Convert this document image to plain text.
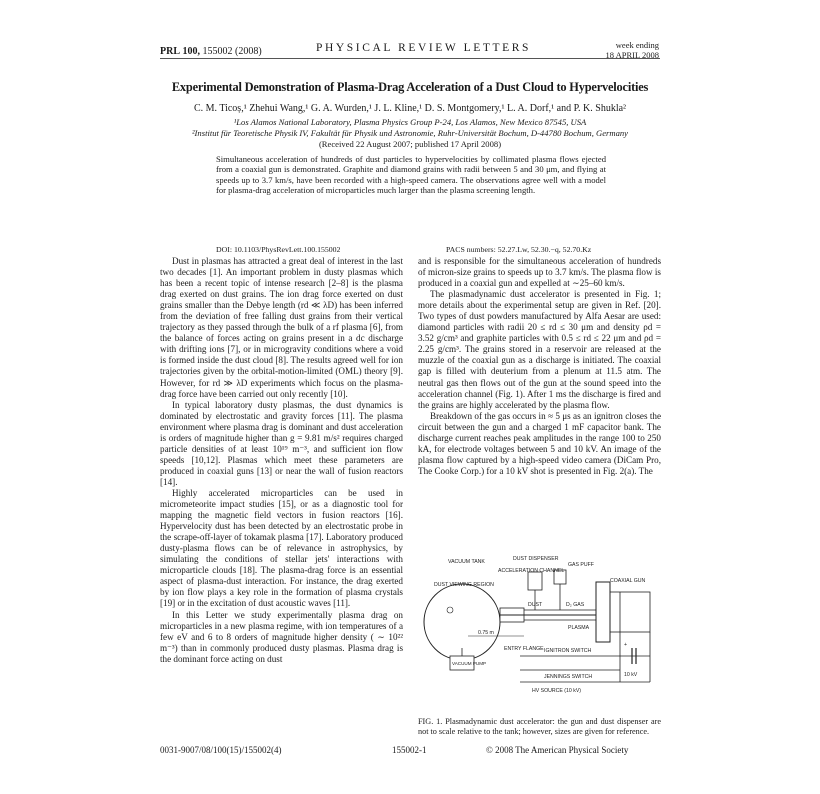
PRL 100, 155002 (2008)	PHYSICAL REVIEW LETTERS	week ending
18 APRIL 2008
Experimental Demonstration of Plasma-Drag Acceleration of a Dust Cloud to Hypervelocities
C. M. Ticoș,¹ Zhehui Wang,¹ G. A. Wurden,¹ J. L. Kline,¹ D. S. Montgomery,¹ L. A. Dorf,¹ and P. K. Shukla²
¹Los Alamos National Laboratory, Plasma Physics Group P-24, Los Alamos, New Mexico 87545, USA
²Institut für Teoretische Physik IV, Fakultät für Physik und Astronomie, Ruhr-Universität Bochum, D-44780 Bochum, Germany
(Received 22 August 2007; published 17 April 2008)
Simultaneous acceleration of hundreds of dust particles to hypervelocities by collimated plasma flows ejected from a coaxial gun is demonstrated. Graphite and diamond grains with radii between 5 and 30 μm, and flying at speeds up to 3.7 km/s, have been recorded with a high-speed camera. The observations agree well with a model for plasma-drag acceleration of microparticles much larger than the plasma screening length.
DOI: 10.1103/PhysRevLett.100.155002	PACS numbers: 52.27.Lw, 52.30.−q, 52.70.Kz

Dust in plasmas has attracted a great deal of interest in the last two decades [1]. An important problem in dusty plasmas which has been a recent topic of intense research [2–8] is the plasma drag exerted on dust grains. The ion drag force exerted on dust grains smaller than the Debye length (rd ≪ λD) has been inferred from the deviation of free falling dust grains from their vertical trajectory as they passed through the bulk of a rf plasma [6], from the balance of forces acting on grains present in a dc discharge with drifting ions [7], or in microgravity conditions where a void is formed inside the dust cloud [8]. The results agreed well for ion trajectories given by the orbital-motion-limited (OML) theory [9]. However, for rd ≫ λD experiments which focus on the plasma-drag force have been carried out only recently [10].

In typical laboratory dusty plasmas, the dust dynamics is dominated by electrostatic and gravity forces [11]. The plasma environment where plasma drag is dominant and dust acceleration is orders of magnitude higher than g = 9.81 m/s² requires charged particle densities of at least 10¹⁹ m⁻³, and sufficient ion flow speeds [10,12]. Plasmas which meet these parameters are produced in coaxial guns [13] or near the wall of fusion reactors [14].

Highly accelerated microparticles can be used in micrometeorite impact studies [15], or as a diagnostic tool for mapping the magnetic field vectors in fusion reactors [16]. Hypervelocity dust has been detected by an electrostatic probe in the scrape-off-layer of tokamak plasma [17]. Laboratory produced dusty-plasma flows can be of relevance in astrophysics, by simulating the conditions of stellar jets' interactions with microparticle clouds [18]. The plasma-drag force is an essential aspect of plasma-dust interaction. For instance, the drag exerted by ion flow plays a key role in the formation of plasma crystals [19] or in the excitation of dust acoustic waves [11].

In this Letter we study experimentally plasma drag on microparticles in a new plasma regime, with ion temperatures of a few eV and 6 to 8 orders of magnitude higher density ( ∼ 10²² m⁻³) than in commonly produced dusty plasmas. Plasma drag is the dominant force acting on dust

and is responsible for the simultaneous acceleration of hundreds of micron-size grains to speeds up to 3.7 km/s. The plasma flow is produced in a coaxial gun and expelled at ∼25–60 km/s.

The plasmadynamic dust accelerator is presented in Fig. 1; more details about the experimental setup are given in Ref. [20]. Two types of dust powders manufactured by Alfa Aesar are used: diamond particles with radii 20 ≤ rd ≤ 30 μm and density ρd = 3.52 g/cm³ and graphite particles with 0.5 ≤ rd ≤ 22 μm and ρd = 2.25 g/cm³. The grains stored in a reservoir are released at the muzzle of the coaxial gun as a discharge is initiated. The coaxial gap is filled with deuterium from a plenum at 11.5 atm. The neutral gas then flows out of the gun at the sound speed into the acceleration channel (Fig. 1). After 1 ms the discharge is fired and the grains are highly accelerated by the plasma flow.

Breakdown of the gas occurs in ≈ 5 μs as an ignitron closes the circuit between the gun and a charged 1 mF capacitor bank. The discharge current reaches peak amplitudes in the range 100 to 250 kA, for electrode voltages between 5 and 10 kV. An image of the plasma flow captured by a high-speed video camera (DiCam Pro, The Cooke Corp.) for a 10 kV shot is presented in Fig. 2(a). The

VACUUM TANK	DUST DISPENSER
ACCELERATION CHANNEL
GAS PUFF
COAXIAL GUN
DUST VIEWING REGION
DUST	D₂ GAS
PLASMA
0.75 m
ENTRY FLANGE IGNITRON SWITCH
+
10 kV
JENNINGS SWITCH
HV SOURCE (10 kV)
VACUUM PUMP
FIG. 1. Plasmadynamic dust accelerator: the gun and dust dispenser are not to scale relative to the tank; however, sizes are given for reference.
0031-9007/08/100(15)/155002(4)	155002-1	© 2008 The American Physical Society
